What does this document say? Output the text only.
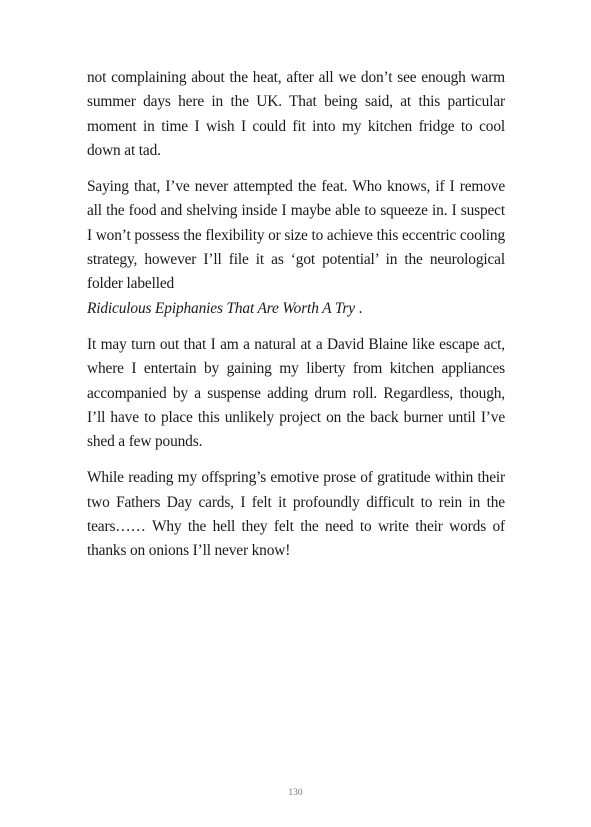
not complaining about the heat, after all we don’t see enough warm summer days here in the UK. That being said, at this particular moment in time I wish I could fit into my kitchen fridge to cool down at tad.

Saying that, I’ve never attempted the feat. Who knows, if I remove all the food and shelving inside I maybe able to squeeze in. I suspect I won’t possess the flexibility or size to achieve this eccentric cooling strategy, however I’ll file it as ‘got potential’ in the neurological folder labelled
Ridiculous Epiphanies That Are Worth A Try .

It may turn out that I am a natural at a David Blaine like escape act, where I entertain by gaining my liberty from kitchen appliances accompanied by a suspense adding drum roll. Regardless, though, I’ll have to place this unlikely project on the back burner until I’ve shed a few pounds.

While reading my offspring’s emotive prose of gratitude within their two Fathers Day cards, I felt it profoundly difficult to rein in the tears…… Why the hell they felt the need to write their words of thanks on onions I’ll never know!

130
